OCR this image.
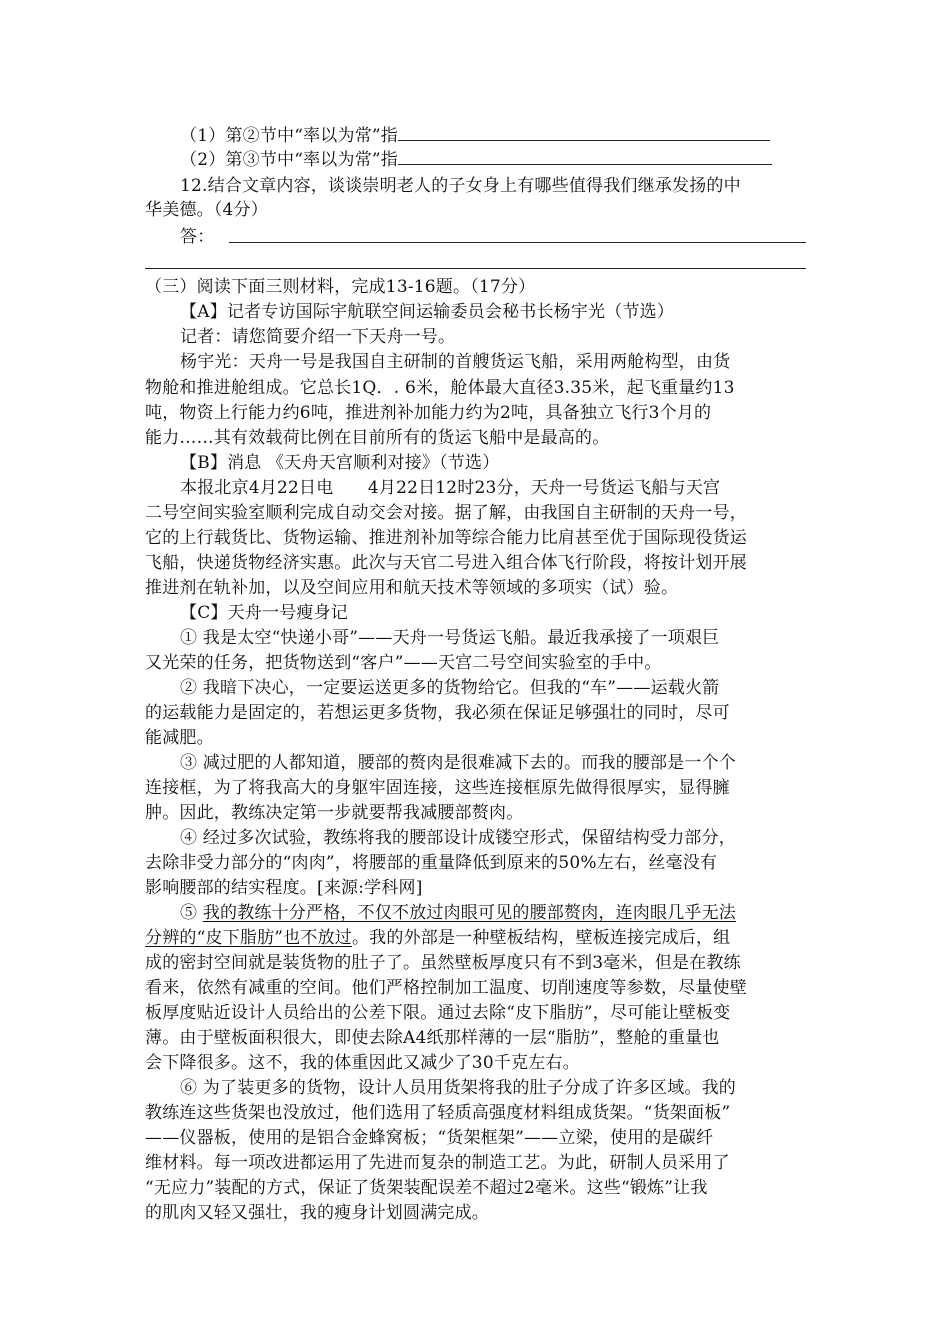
（1）第②节中“率以为常”指
（2）第③节中“率以为常”指
12.结合文章内容，谈谈崇明老人的子女身上有哪些值得我们继承发扬的中
华美德。（4分）
答：
（三）阅读下面三则材料，完成13-16题。（17分）
【A】记者专访国际宇航联空间运输委员会秘书长杨宇光（节选）
记者：请您简要介绍一下天舟一号。
杨宇光：天舟一号是我国自主研制的首艘货运飞船，采用两舱构型，由货
物舱和推进舱组成。它总长1Q．. 6米，舱体最大直径3.35米，起飞重量约13
吨，物资上行能力约6吨，推进剂补加能力约为2吨，具备独立飞行3个月的
能力……其有效载荷比例在目前所有的货运飞船中是最高的。
【B】消息 《天舟天宫顺利对接》（节选）
本报北京4月22日电　　4月22日12时23分，天舟一号货运飞船与天宫
二号空间实验室顺利完成自动交会对接。据了解，由我国自主研制的天舟一号，
它的上行载货比、货物运输、推进剂补加等综合能力比肩甚至优于国际现役货运
飞船，快递货物经济实惠。此次与天官二号进入组合体飞行阶段，将按计划开展
推进剂在轨补加，以及空间应用和航天技术等领域的多项实（试）验。
【C】天舟一号瘦身记
① 我是太空“快递小哥”——天舟一号货运飞船。最近我承接了一项艰巨
又光荣的任务，把货物送到“客户”——天宫二号空间实验室的手中。
② 我暗下决心，一定要运送更多的货物给它。但我的“车”——运载火箭
的运载能力是固定的，若想运更多货物，我必须在保证足够强壮的同时，尽可
能减肥。
③ 减过肥的人都知道，腰部的赘肉是很难减下去的。而我的腰部是一个个
连接框，为了将我高大的身躯牢固连接，这些连接框原先做得很厚实，显得臃
肿。因此，教练决定第一步就要帮我减腰部赘肉。
④ 经过多次试验，教练将我的腰部设计成镂空形式，保留结构受力部分，
去除非受力部分的“肉肉”，将腰部的重量降低到原来的50%左右，丝毫没有
影响腰部的结实程度。[来源:学科网]
⑤ 我的教练十分严格，不仅不放过肉眼可见的腰部赘肉，连肉眼几乎无法
分辨的“皮下脂肪”也不放过。我的外部是一种壁板结构，壁板连接完成后，组
成的密封空间就是装货物的肚子了。虽然壁板厚度只有不到3毫米，但是在教练
看来，依然有减重的空间。他们严格控制加工温度、切削速度等参数，尽量使壁
板厚度贴近设计人员给出的公差下限。通过去除“皮下脂肪”，尽可能让壁板变
薄。由于壁板面积很大，即使去除A4纸那样薄的一层“脂肪”，整舱的重量也
会下降很多。这不，我的体重因此又减少了30千克左右。
⑥ 为了装更多的货物，设计人员用货架将我的肚子分成了许多区域。我的
教练连这些货架也没放过，他们选用了轻质高强度材料组成货架。“货架面板”
——仪器板，使用的是铝合金蜂窝板；“货架框架”——立梁，使用的是碳纤
维材料。每一项改进都运用了先进而复杂的制造工艺。为此，研制人员采用了
“无应力”装配的方式，保证了货架装配误差不超过2毫米。这些“锻炼”让我
的肌肉又轻又强壮，我的瘦身计划圆满完成。
